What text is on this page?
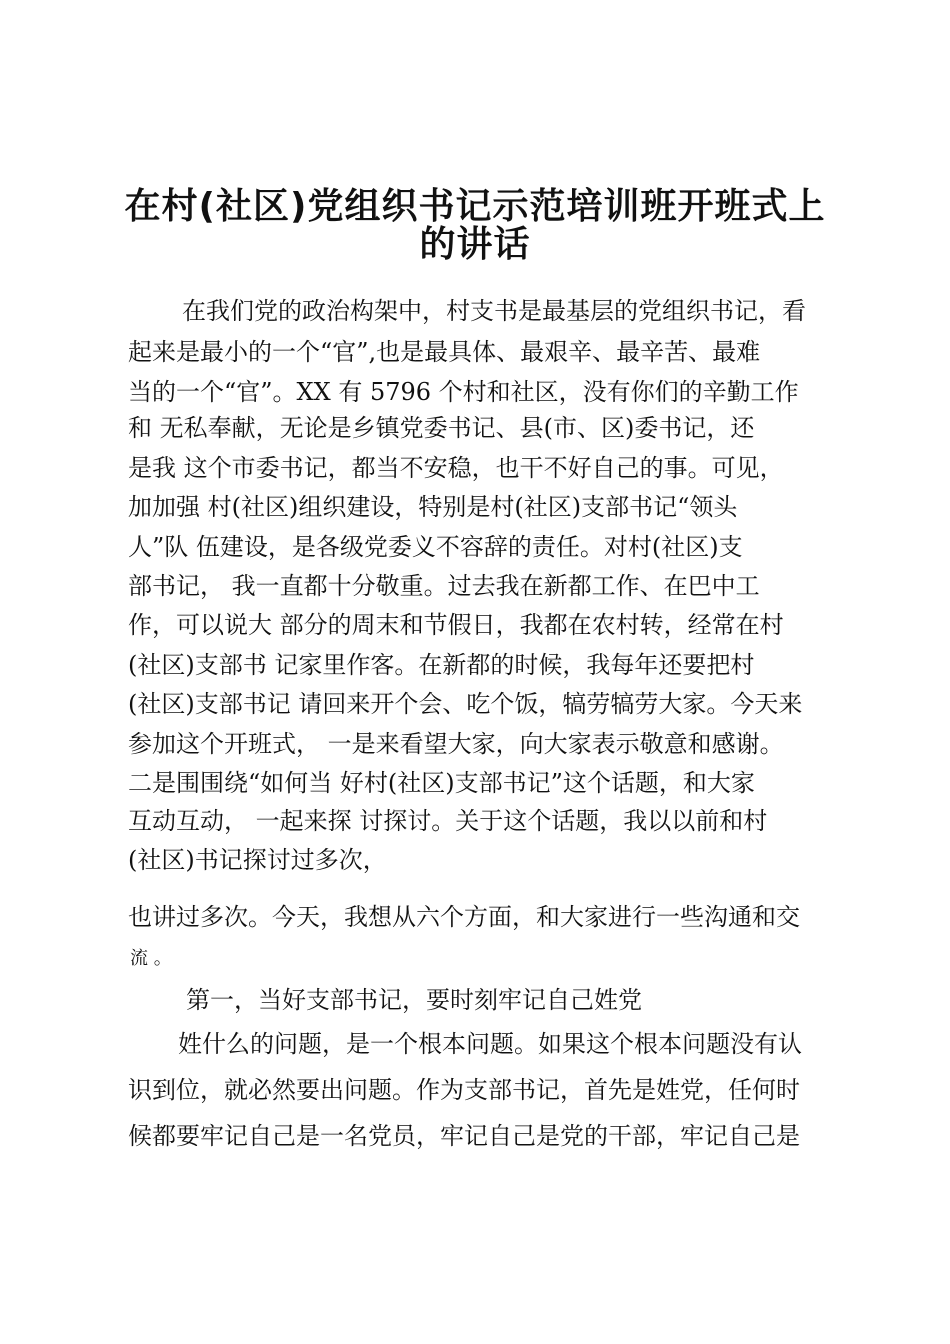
在村(社区)党组织书记示范培训班开班式上
的讲话

在我们党的政治构架中，村支书是最基层的党组织书记，看

起来是最小的一个“官”,也是最具体、最艰辛、最辛苦、最难

当的一个“官”。XX 有 5796 个村和社区，没有你们的辛勤工作

和 无私奉献，无论是乡镇党委书记、县(市、区)委书记，还

是我 这个市委书记，都当不安稳，也干不好自己的事。可见，

加加强 村(社区)组织建设，特别是村(社区)支部书记“领头

人”队 伍建设，是各级党委义不容辞的责任。对村(社区)支

部书记， 我一直都十分敬重。过去我在新都工作、在巴中工

作，可以说大 部分的周末和节假日，我都在农村转，经常在村

(社区)支部书 记家里作客。在新都的时候，我每年还要把村

(社区)支部书记 请回来开个会、吃个饭，犒劳犒劳大家。今天来

参加这个开班式， 一是来看望大家，向大家表示敬意和感谢。

二是围围绕“如何当 好村(社区)支部书记”这个话题，和大家

互动互动， 一起来探 讨探讨。关于这个话题，我以以前和村

(社区)书记探讨过多次，

也讲过多次。今天，我想从六个方面，和大家进行一些沟通和交

流 。

第一，当好支部书记，要时刻牢记自己姓党

姓什么的问题，是一个根本问题。如果这个根本问题没有认

识到位，就必然要出问题。作为支部书记，首先是姓党，任何时

候都要牢记自己是一名党员，牢记自己是党的干部，牢记自己是
